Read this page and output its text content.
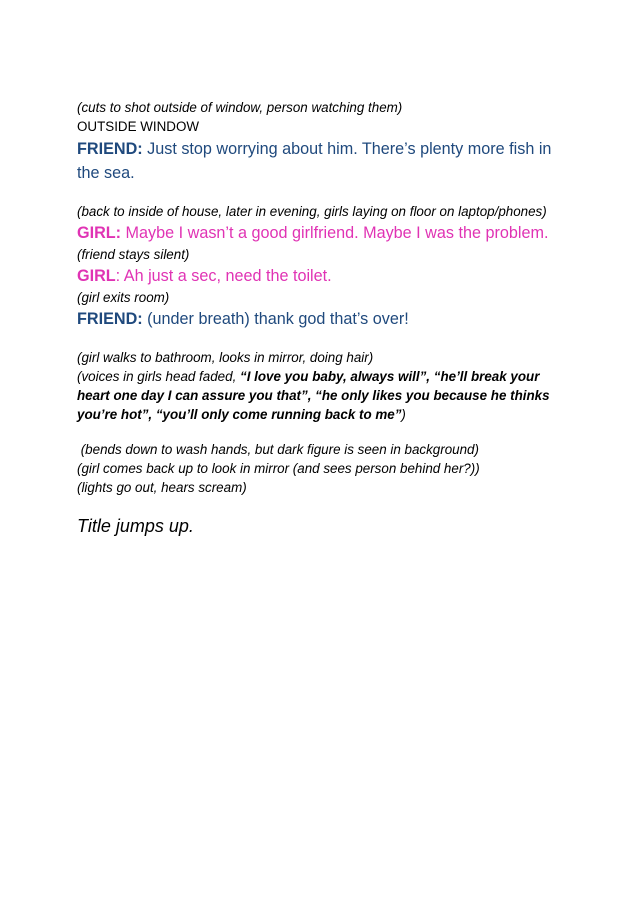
(cuts to shot outside of window, person watching them)

OUTSIDE WINDOW

FRIEND: Just stop worrying about him. There’s plenty more fish in

the sea.

(back to inside of house, later in evening, girls laying on floor on laptop/phones)

GIRL: Maybe I wasn’t a good girlfriend. Maybe I was the problem.

(friend stays silent)

GIRL: Ah just a sec, need the toilet.

(girl exits room)

FRIEND: (under breath) thank god that’s over!

(girl walks to bathroom, looks in mirror, doing hair)

(voices in girls head faded, “I love you baby, always will”, “he’ll break your

heart one day I can assure you that”, “he only likes you because he thinks

you’re hot”, “you’ll only come running back to me”)

(bends down to wash hands, but dark figure is seen in background)

(girl comes back up to look in mirror (and sees person behind her?))

(lights go out, hears scream)

Title jumps up.
